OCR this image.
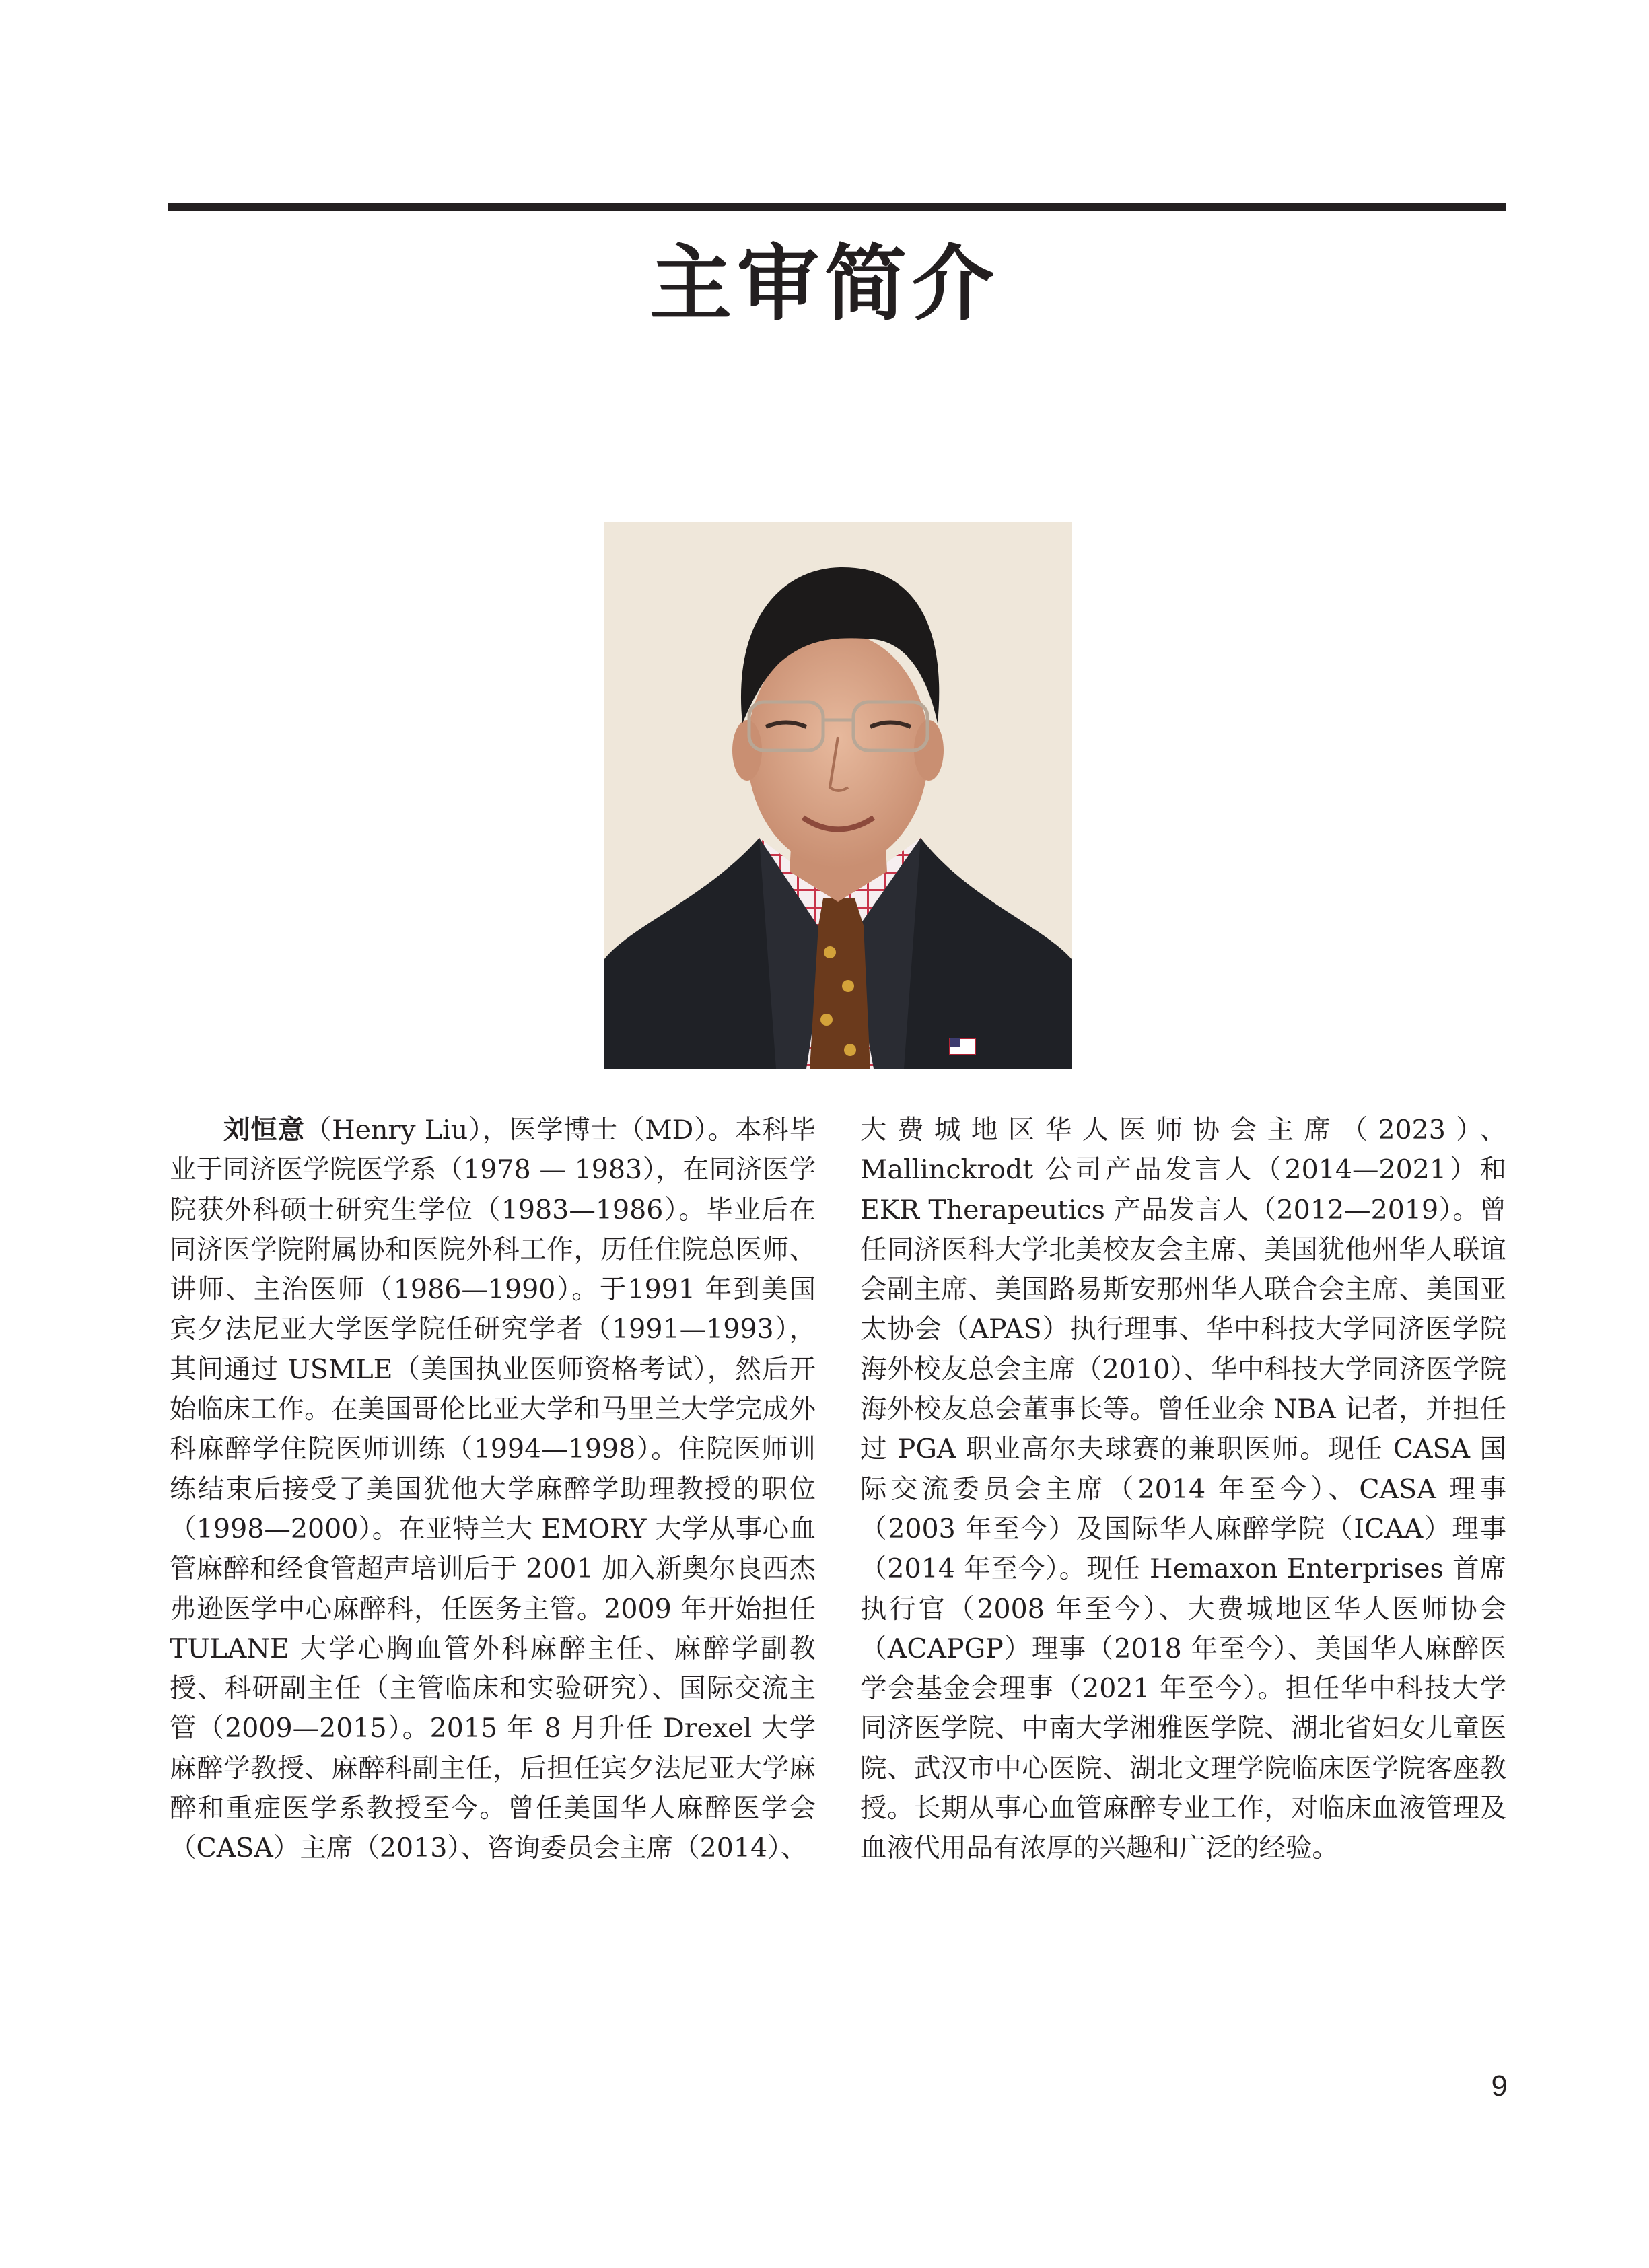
主审简介

刘恒意（Henry Liu），医学博士（MD）。本科毕业于同济医学院医学系（1978 — 1983），在同济医学院获外科硕士研究生学位（1983—1986）。毕业后在同济医学院附属协和医院外科工作，历任住院总医师、讲师、主治医师（1986—1990）。于1991 年到美国宾夕法尼亚大学医学院任研究学者（1991—1993），其间通过 USMLE（美国执业医师资格考试），然后开始临床工作。在美国哥伦比亚大学和马里兰大学完成外科麻醉学住院医师训练（1994—1998）。住院医师训练结束后接受了美国犹他大学麻醉学助理教授的职位（1998—2000）。在亚特兰大 EMORY 大学从事心血管麻醉和经食管超声培训后于 2001 加入新奥尔良西杰弗逊医学中心麻醉科，任医务主管。2009 年开始担任 TULANE 大学心胸血管外科麻醉主任、麻醉学副教授、科研副主任（主管临床和实验研究）、国际交流主管（2009—2015）。2015 年 8 月升任 Drexel 大学麻醉学教授、麻醉科副主任，后担任宾夕法尼亚大学麻醉和重症医学系教授至今。曾任美国华人麻醉医学会（CASA）主席（2013）、咨询委员会主席（2014）、

大费城地区华人医师协会主席（2023）、Mallinckrodt 公司产品发言人（2014—2021）和 EKR Therapeutics 产品发言人（2012—2019）。曾任同济医科大学北美校友会主席、美国犹他州华人联谊会副主席、美国路易斯安那州华人联合会主席、美国亚太协会（APAS）执行理事、华中科技大学同济医学院海外校友总会主席（2010）、华中科技大学同济医学院海外校友总会董事长等。曾任业余 NBA 记者，并担任过 PGA 职业高尔夫球赛的兼职医师。现任 CASA 国际交流委员会主席（2014 年至今）、CASA 理事（2003 年至今）及国际华人麻醉学院（ICAA）理事（2014 年至今）。现任 Hemaxon Enterprises 首席执行官（2008 年至今）、大费城地区华人医师协会（ACAPGP）理事（2018 年至今）、美国华人麻醉医学会基金会理事（2021 年至今）。担任华中科技大学同济医学院、中南大学湘雅医学院、湖北省妇女儿童医院、武汉市中心医院、湖北文理学院临床医学院客座教授。长期从事心血管麻醉专业工作，对临床血液管理及血液代用品有浓厚的兴趣和广泛的经验。

9
